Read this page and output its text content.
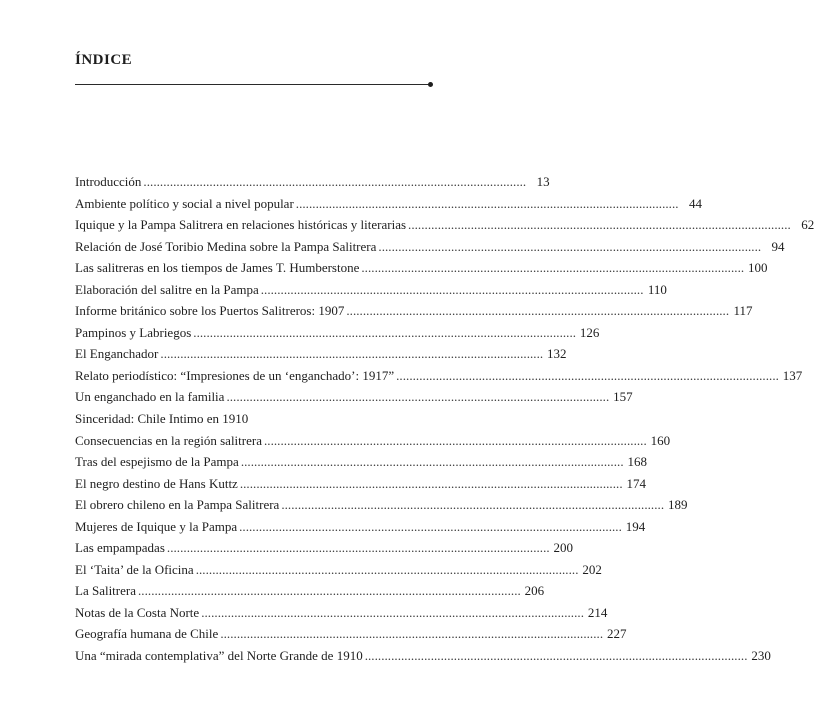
ÍNDICE
Introducción . . .	13
Ambiente político y social a nivel popular . . .	44
Iquique y la Pampa Salitrera en relaciones históricas y literarias . . .	62
Relación de José Toribio Medina sobre la Pampa Salitrera . . .	94
Las salitreras en los tiempos de James T. Humberstone . . .	100
Elaboración del salitre en la Pampa . . .	110
Informe británico sobre los Puertos Salitreros: 1907 . . .	117
Pampinos y Labriegos . . .	126
El Enganchador . . .	132
Relato periodístico: “Impresiones de un ‘enganchado’: 1917” . . .	137
Un enganchado en la familia . . .	157
Sinceridad: Chile Intimo en 1910
Consecuencias en la región salitrera . . .	160
Tras del espejismo de la Pampa . . .	168
El negro destino de Hans Kuttz . . .	174
El obrero chileno en la Pampa Salitrera . . .	189
Mujeres de Iquique y la Pampa . . .	194
Las empampadas . . .	200
El ‘Taita’ de la Oficina . . .	202
La Salitrera . . .	206
Notas de la Costa Norte . . .	214
Geografía humana de Chile . . .	227
Una “mirada contemplativa” del Norte Grande de 1910 . . .	230
